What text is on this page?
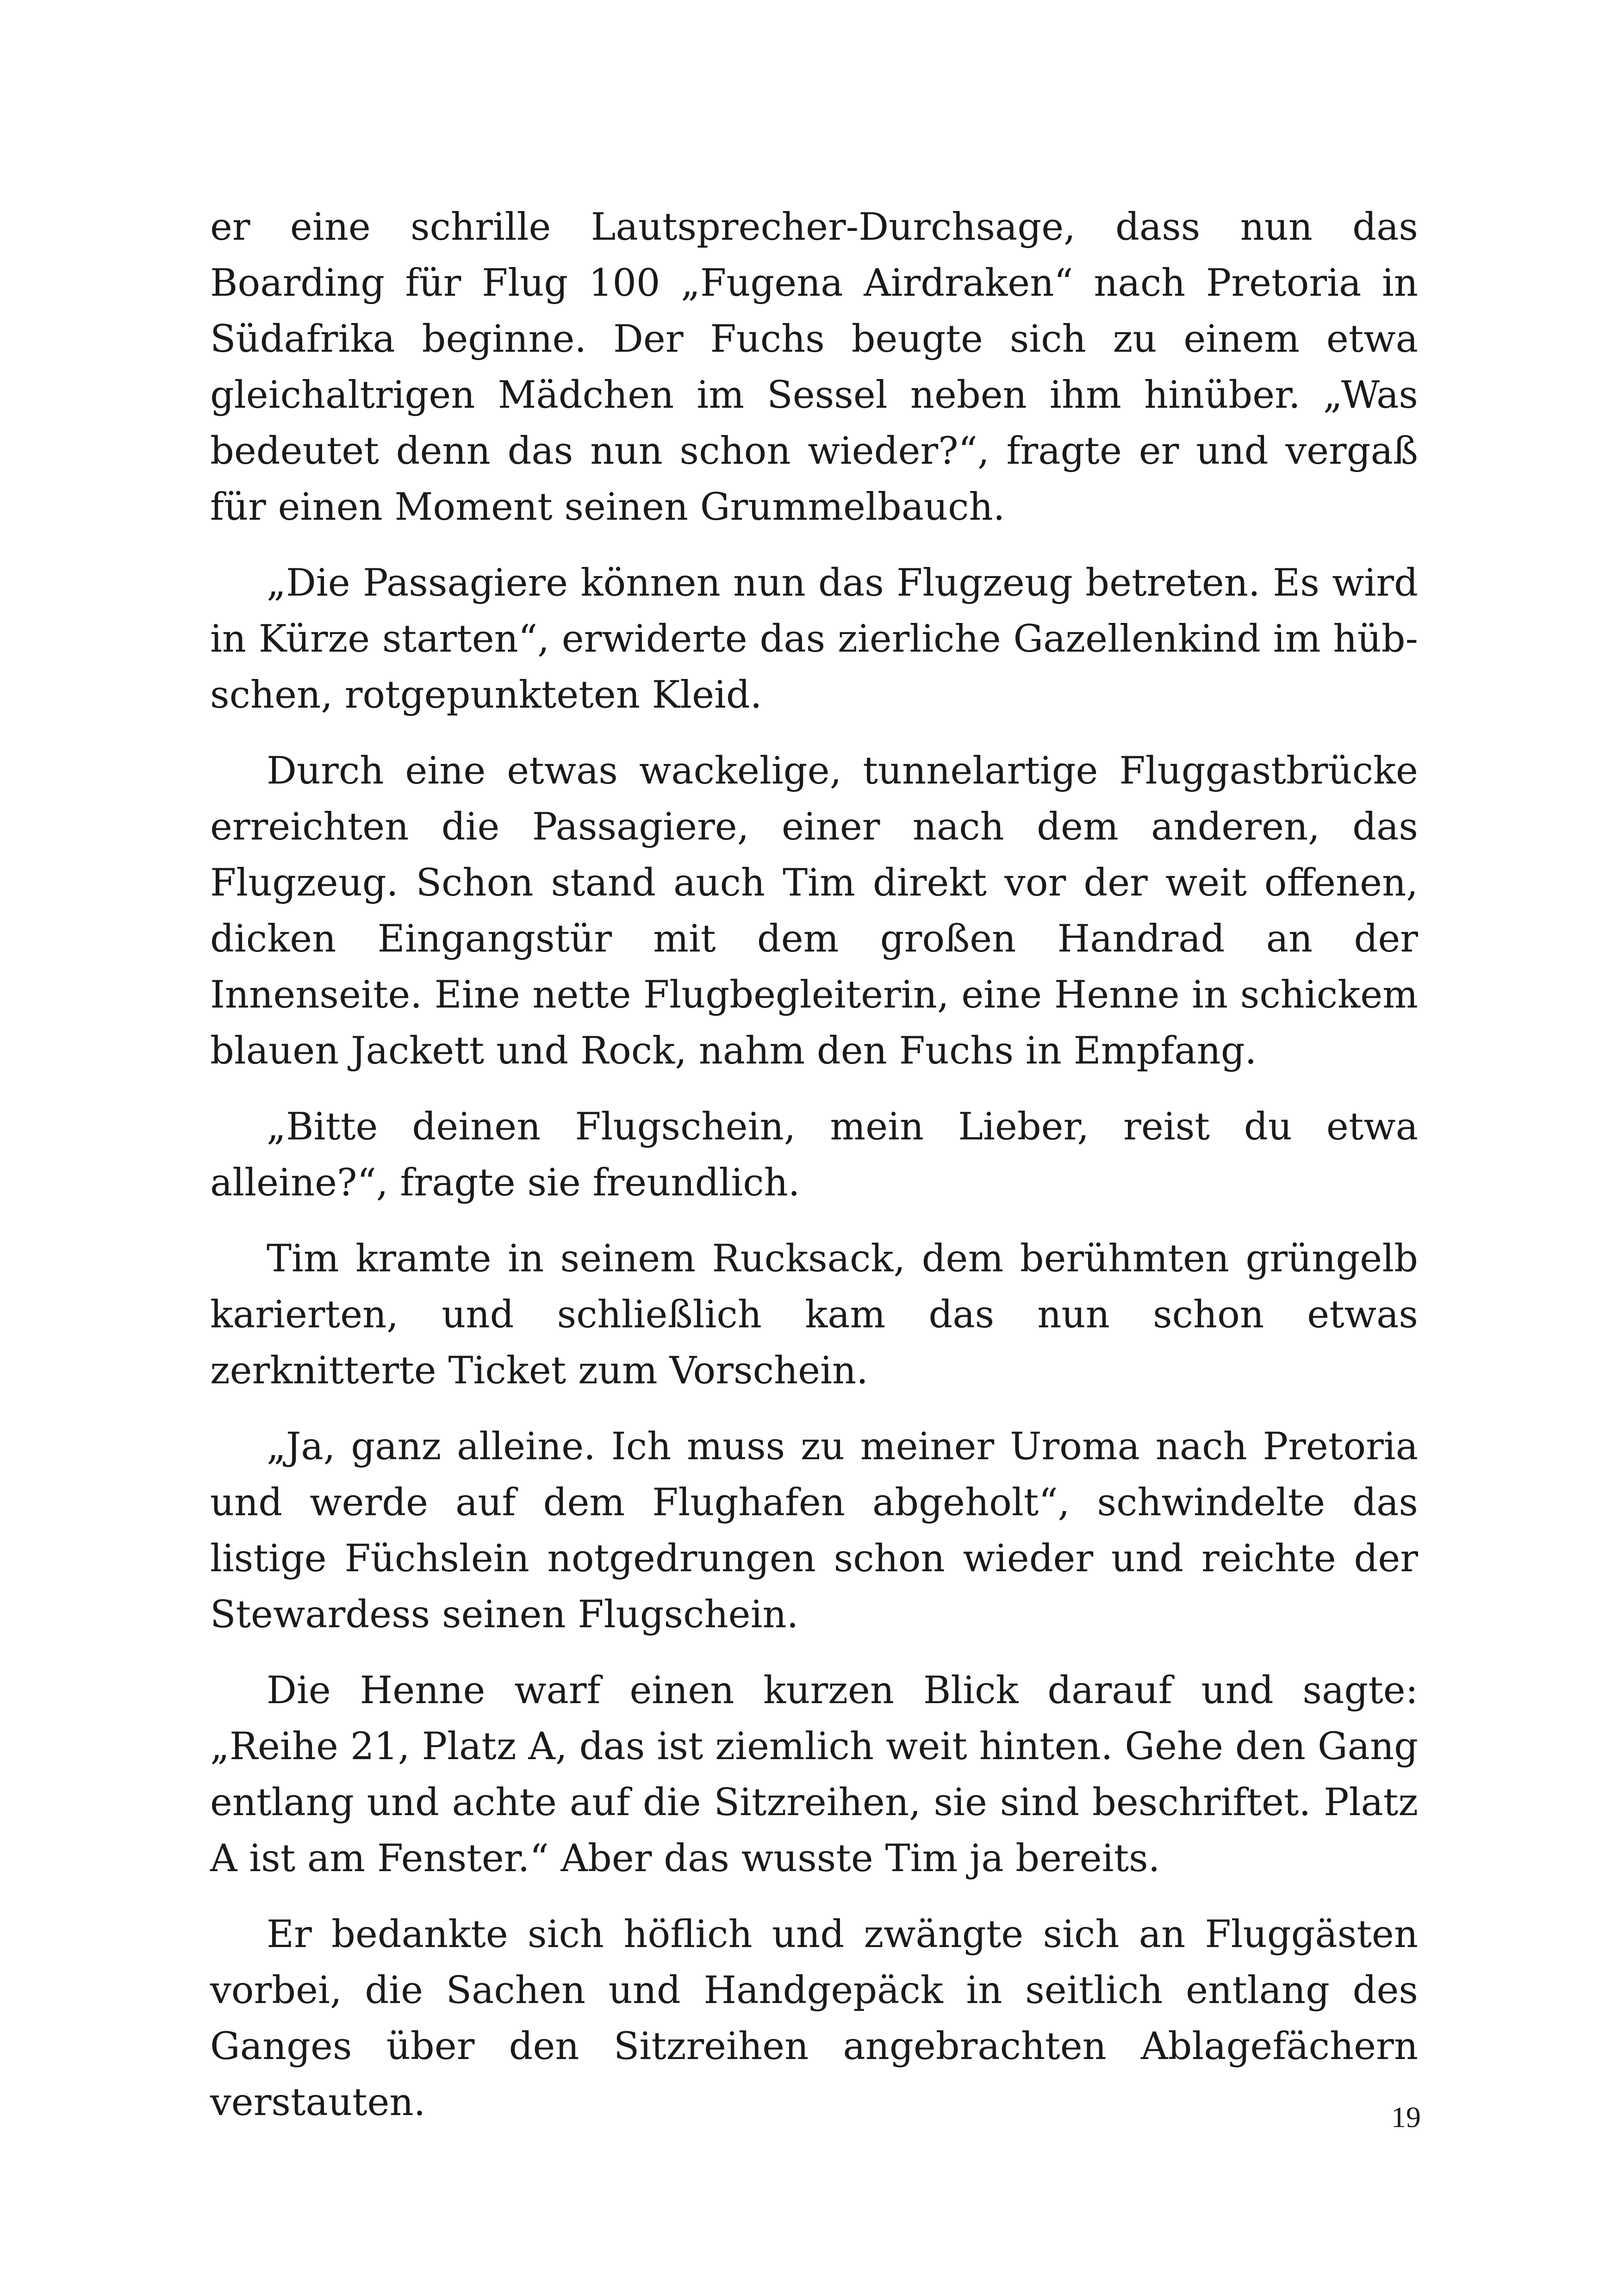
er eine schrille Lautsprecher-Durchsage, dass nun das Boarding für Flug 100 „Fugena Airdraken“ nach Pretoria in Südafrika beginne. Der Fuchs beugte sich zu einem etwa gleichaltrigen Mädchen im Sessel neben ihm hinüber. „Was bedeutet denn das nun schon wieder?“, fragte er und vergaß für einen Moment seinen Grummelbauch.

„Die Passagiere können nun das Flugzeug betreten. Es wird in Kürze starten“, erwiderte das zierliche Gazellenkind im hübschen, rotgepunkteten Kleid.

Durch eine etwas wackelige, tunnelartige Fluggastbrücke erreichten die Passagiere, einer nach dem anderen, das Flugzeug. Schon stand auch Tim direkt vor der weit offenen, dicken Eingangstür mit dem großen Handrad an der Innenseite. Eine nette Flugbegleiterin, eine Henne in schickem blauen Jackett und Rock, nahm den Fuchs in Empfang.

„Bitte deinen Flugschein, mein Lieber, reist du etwa alleine?“, fragte sie freundlich.

Tim kramte in seinem Rucksack, dem berühmten grüngelb karierten, und schließlich kam das nun schon etwas zerknitterte Ticket zum Vorschein.

„Ja, ganz alleine. Ich muss zu meiner Uroma nach Pretoria und werde auf dem Flughafen abgeholt“, schwindelte das listige Füchslein notgedrungen schon wieder und reichte der Stewardess seinen Flugschein.

Die Henne warf einen kurzen Blick darauf und sagte: „Reihe 21, Platz A, das ist ziemlich weit hinten. Gehe den Gang entlang und achte auf die Sitzreihen, sie sind beschriftet. Platz A ist am Fenster.“ Aber das wusste Tim ja bereits.

Er bedankte sich höflich und zwängte sich an Fluggästen vorbei, die Sachen und Handgepäck in seitlich entlang des Ganges über den Sitzreihen angebrachten Ablagefächern verstauten.	19
